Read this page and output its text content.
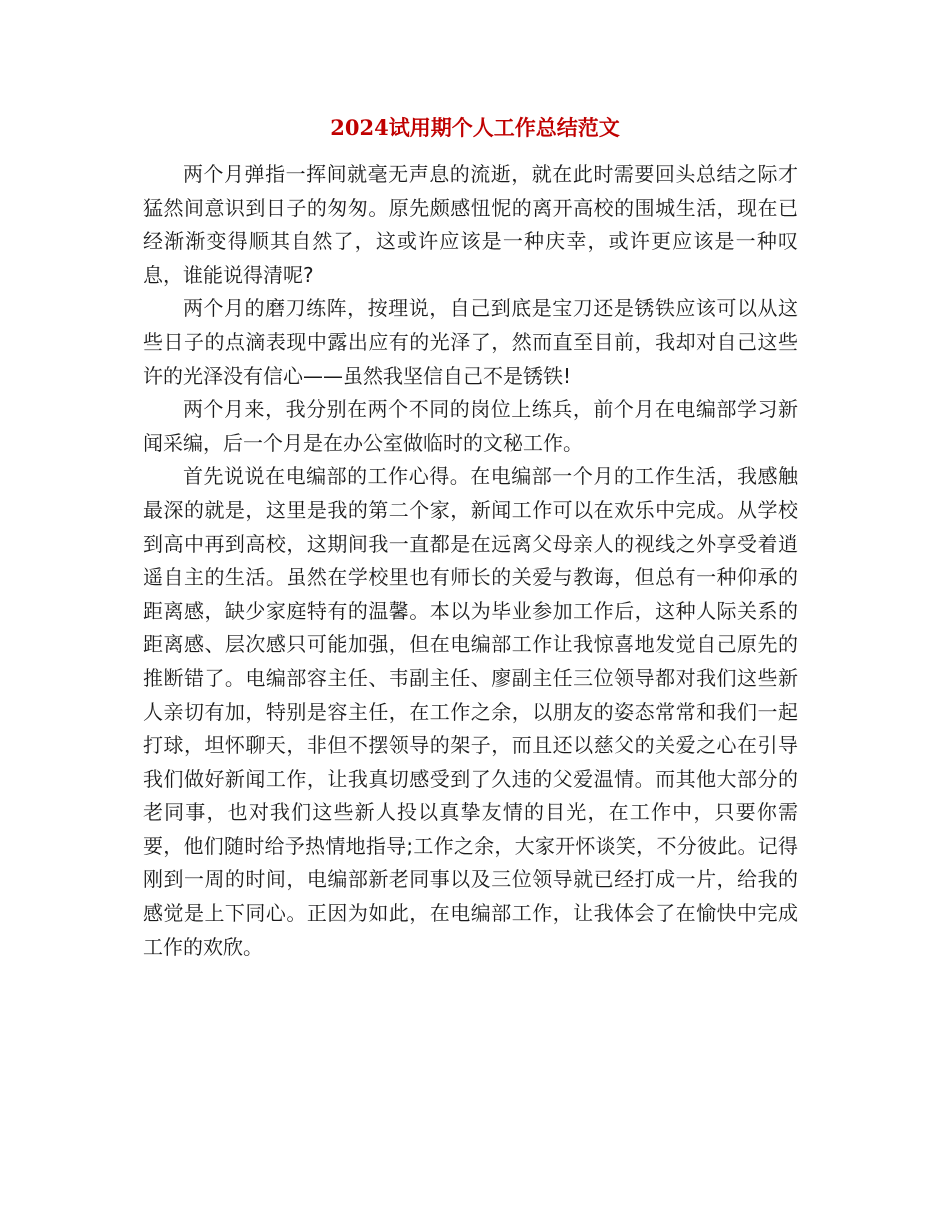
2024试用期个人工作总结范文

两个月弹指一挥间就毫无声息的流逝，就在此时需要回头总结之际才猛然间意识到日子的匆匆。原先颇感忸怩的离开高校的围城生活，现在已经渐渐变得顺其自然了，这或许应该是一种庆幸，或许更应该是一种叹息，谁能说得清呢?

两个月的磨刀练阵，按理说，自己到底是宝刀还是锈铁应该可以从这些日子的点滴表现中露出应有的光泽了，然而直至目前，我却对自己这些许的光泽没有信心——虽然我坚信自己不是锈铁!

两个月来，我分别在两个不同的岗位上练兵，前个月在电编部学习新闻采编，后一个月是在办公室做临时的文秘工作。

首先说说在电编部的工作心得。在电编部一个月的工作生活，我感触最深的就是，这里是我的第二个家，新闻工作可以在欢乐中完成。从学校到高中再到高校，这期间我一直都是在远离父母亲人的视线之外享受着逍遥自主的生活。虽然在学校里也有师长的关爱与教诲，但总有一种仰承的距离感，缺少家庭特有的温馨。本以为毕业参加工作后，这种人际关系的距离感、层次感只可能加强，但在电编部工作让我惊喜地发觉自己原先的推断错了。电编部容主任、韦副主任、廖副主任三位领导都对我们这些新人亲切有加，特别是容主任，在工作之余，以朋友的姿态常常和我们一起打球，坦怀聊天，非但不摆领导的架子，而且还以慈父的关爱之心在引导我们做好新闻工作，让我真切感受到了久违的父爱温情。而其他大部分的老同事，也对我们这些新人投以真挚友情的目光，在工作中，只要你需要，他们随时给予热情地指导;工作之余，大家开怀谈笑，不分彼此。记得刚到一周的时间，电编部新老同事以及三位领导就已经打成一片，给我的感觉是上下同心。正因为如此，在电编部工作，让我体会了在愉快中完成工作的欢欣。
